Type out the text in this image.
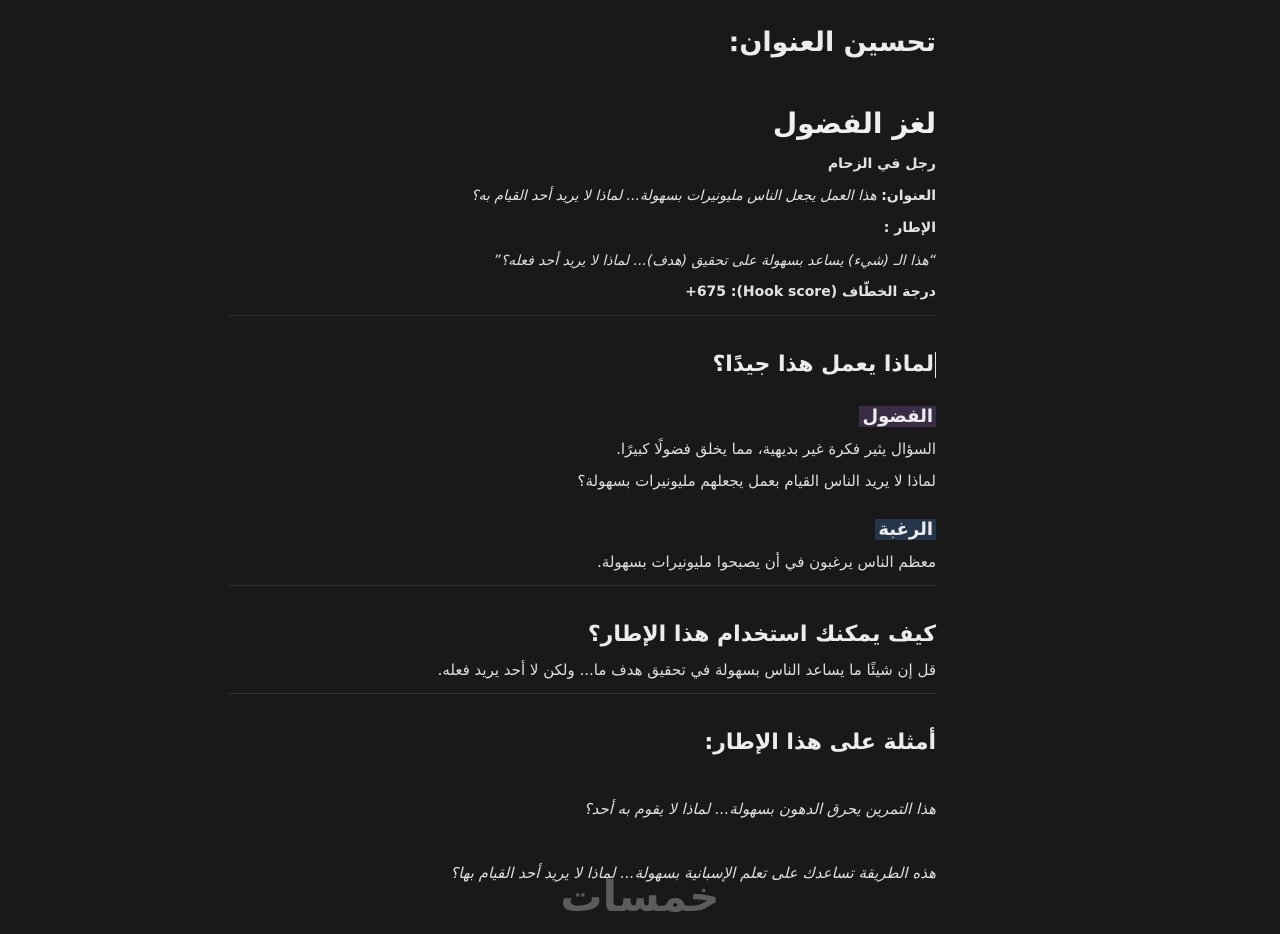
تحسين العنوان:
لغز الفضول
رجل في الزحام
العنوان: هذا العمل يجعل الناس مليونيرات بسهولة... لماذا لا يريد أحد القيام به؟
الإطار :
“هذا الـ (شيء) يساعد بسهولة على تحقيق (هدف)... لماذا لا يريد أحد فعله؟”
درجة الخطّاف (Hook score): 675+
لماذا يعمل هذا جيدًا؟
الفضول
السؤال يثير فكرة غير بديهية، مما يخلق فضولًا كبيرًا.
لماذا لا يريد الناس القيام بعمل يجعلهم مليونيرات بسهولة؟
الرغبة
معظم الناس يرغبون في أن يصبحوا مليونيرات بسهولة.
كيف يمكنك استخدام هذا الإطار؟
قل إن شيئًا ما يساعد الناس بسهولة في تحقيق هدف ما... ولكن لا أحد يريد فعله.
أمثلة على هذا الإطار:
هذا التمرين يحرق الدهون بسهولة... لماذا لا يقوم به أحد؟
هذه الطريقة تساعدك على تعلم الإسبانية بسهولة... لماذا لا يريد أحد القيام بها؟
خمسات
